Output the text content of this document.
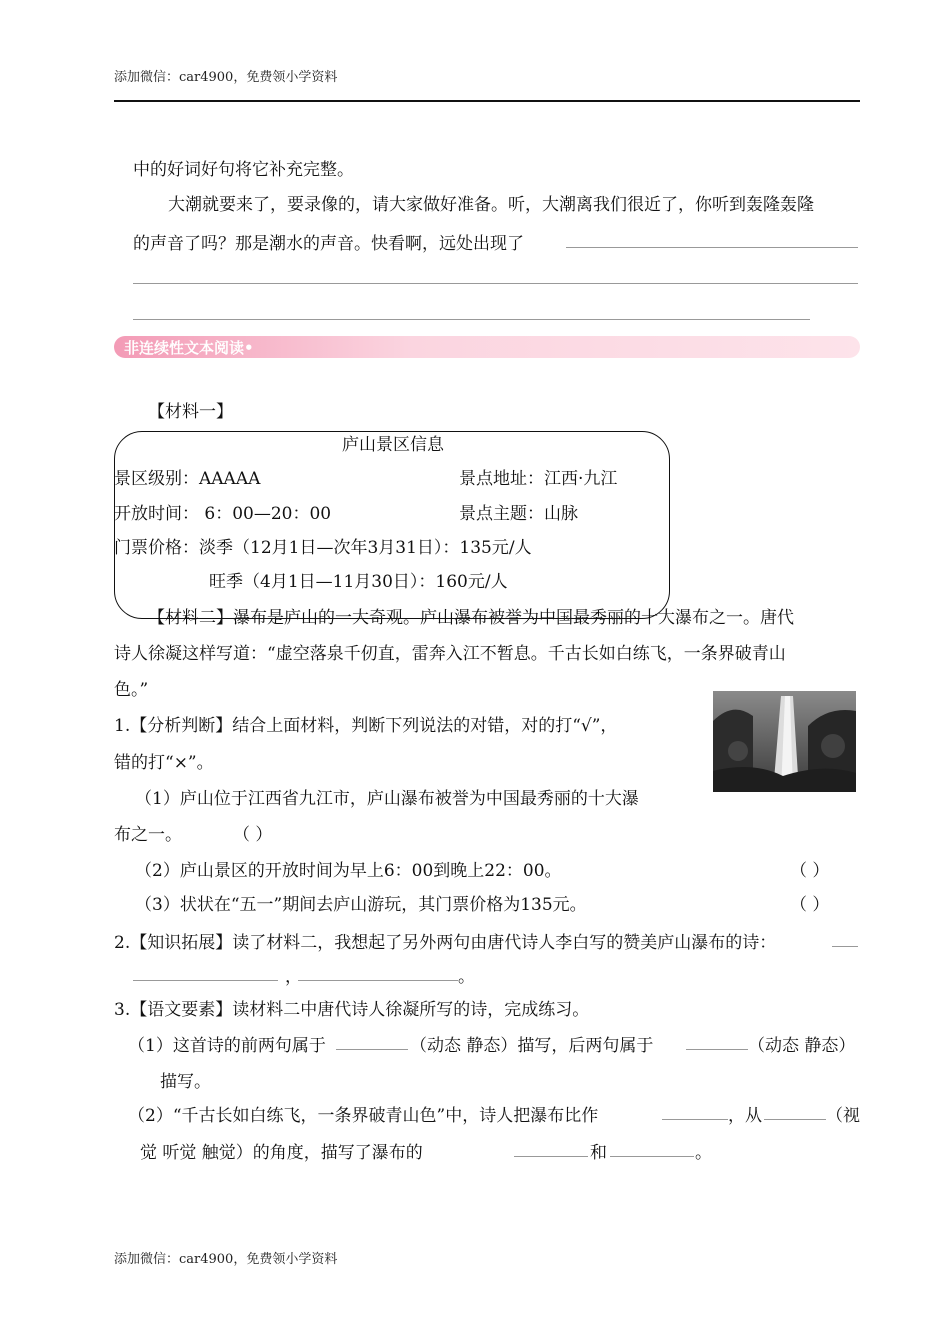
添加微信：car4900，免费领小学资料
中的好词好句将它补充完整。
大潮就要来了，要录像的，请大家做好准备。听，大潮离我们很近了，你听到轰隆轰隆
的声音了吗？那是潮水的声音。快看啊，远处出现了
非连续性文本阅读•
【材料一】
庐山景区信息
景区级别：AAAAA	景点地址：江西·九江
开放时间： 6：00—20：00	景点主题：山脉
门票价格：淡季（12月1日—次年3月31日）：135元/人
旺季（4月1日—11月30日）：160元/人
【材料二】瀑布是庐山的一大奇观。庐山瀑布被誉为中国最秀丽的十大瀑布之一。唐代
诗人徐凝这样写道：“虚空落泉千仞直，雷奔入江不暂息。千古长如白练飞，一条界破青山
色。”
1.【分析判断】结合上面材料，判断下列说法的对错，对的打“√”，
错的打“×”。
（1）庐山位于江西省九江市，庐山瀑布被誉为中国最秀丽的十大瀑
布之一。	（ ）
（2）庐山景区的开放时间为早上6：00到晚上22：00。	（ ）
（3）状状在“五一”期间去庐山游玩，其门票价格为135元。	（ ）
2.【知识拓展】读了材料二，我想起了另外两句由唐代诗人李白写的赞美庐山瀑布的诗：
，	。
3.【语文要素】读材料二中唐代诗人徐凝所写的诗，完成练习。
（1）这首诗的前两句属于	（动态 静态）描写，后两句属于	（动态 静态）
描写。
（2）“千古长如白练飞，一条界破青山色”中，诗人把瀑布比作	，从	（视
觉 听觉 触觉）的角度，描写了瀑布的	和	。
添加微信：car4900，免费领小学资料
